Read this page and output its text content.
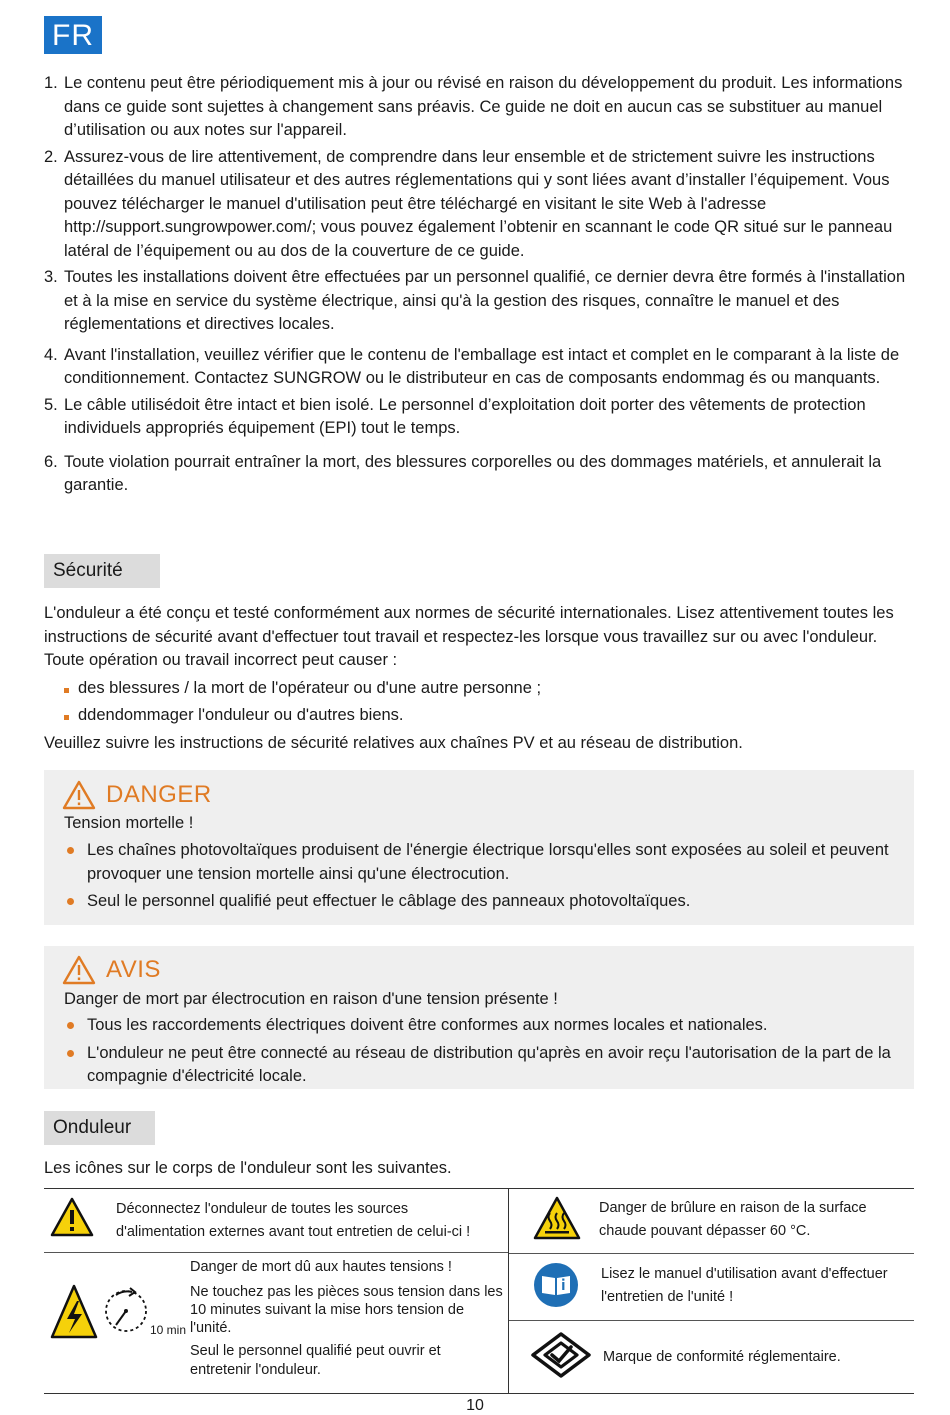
FR
1. Le contenu peut être périodiquement mis à jour ou révisé en raison du développement du produit. Les informations dans ce guide sont sujettes à changement sans préavis. Ce guide ne doit en aucun cas se substituer au manuel d’utilisation ou aux notes sur l'appareil.
2. Assurez-vous de lire attentivement, de comprendre dans leur ensemble et de strictement suivre les instructions détaillées du manuel utilisateur et des autres réglementations qui y sont liées avant d’installer l’équipement. Vous pouvez télécharger le manuel d'utilisation peut être téléchargé en visitant le site Web à l'adresse http://support.sungrowpower.com/; vous pouvez également l’obtenir en scannant le code QR situé sur le panneau latéral de l’équipement ou au dos de la couverture de ce guide.
3. Toutes les installations doivent être effectuées par un personnel qualifié, ce dernier devra être formés à l'installation et à la mise en service du système électrique, ainsi qu'à la gestion des risques, connaître le manuel et des réglementations et directives locales.
4. Avant l'installation, veuillez vérifier que le contenu de l'emballage est intact et complet en le comparant à la liste de conditionnement. Contactez SUNGROW ou le distributeur en cas de composants endommag és ou manquants.
5. Le câble utilisédoit être intact et bien isolé. Le personnel d’exploitation doit porter des vêtements de protection individuels appropriés équipement (EPI) tout le temps.
6. Toute violation pourrait entraîner la mort, des blessures corporelles ou des dommages matériels, et annulerait la garantie.
Sécurité
L'onduleur a été conçu et testé conformément aux normes de sécurité internationales. Lisez attentivement toutes les instructions de sécurité avant d'effectuer tout travail et respectez-les lorsque vous travaillez sur ou avec l'onduleur. Toute opération ou travail incorrect peut causer :
des blessures / la mort de l'opérateur ou d'une autre personne ;
ddendommager l'onduleur ou d'autres biens.
Veuillez suivre les instructions de sécurité relatives aux chaînes PV et au réseau de distribution.
DANGER
Tension mortelle !
Les chaînes photovoltaïques produisent de l'énergie électrique lorsqu'elles sont exposées au soleil et peuvent provoquer une tension mortelle ainsi qu'une électrocution.
Seul le personnel qualifié peut effectuer le câblage des panneaux photovoltaïques.
AVIS
Danger de mort par électrocution en raison d'une tension présente !
Tous les raccordements électriques doivent être conformes aux normes locales et nationales.
L'onduleur ne peut être connecté au réseau de distribution qu'après en avoir reçu l'autorisation de la part de la compagnie d'électricité locale.
Onduleur
Les icônes sur le corps de l'onduleur sont les suivantes.
Déconnectez l'onduleur de toutes les sources d'alimentation externes avant tout entretien de celui-ci !
Danger de brûlure en raison de la surface chaude pouvant dépasser 60 °C.
10 min
Danger de mort dû aux hautes tensions !
Ne touchez pas les pièces sous tension dans les 10 minutes suivant la mise hors tension de l'unité.
Seul le personnel qualifié peut ouvrir et entretenir l'onduleur.
Lisez le manuel d'utilisation avant d'effectuer l'entretien de l'unité !
Marque de conformité réglementaire.
10
